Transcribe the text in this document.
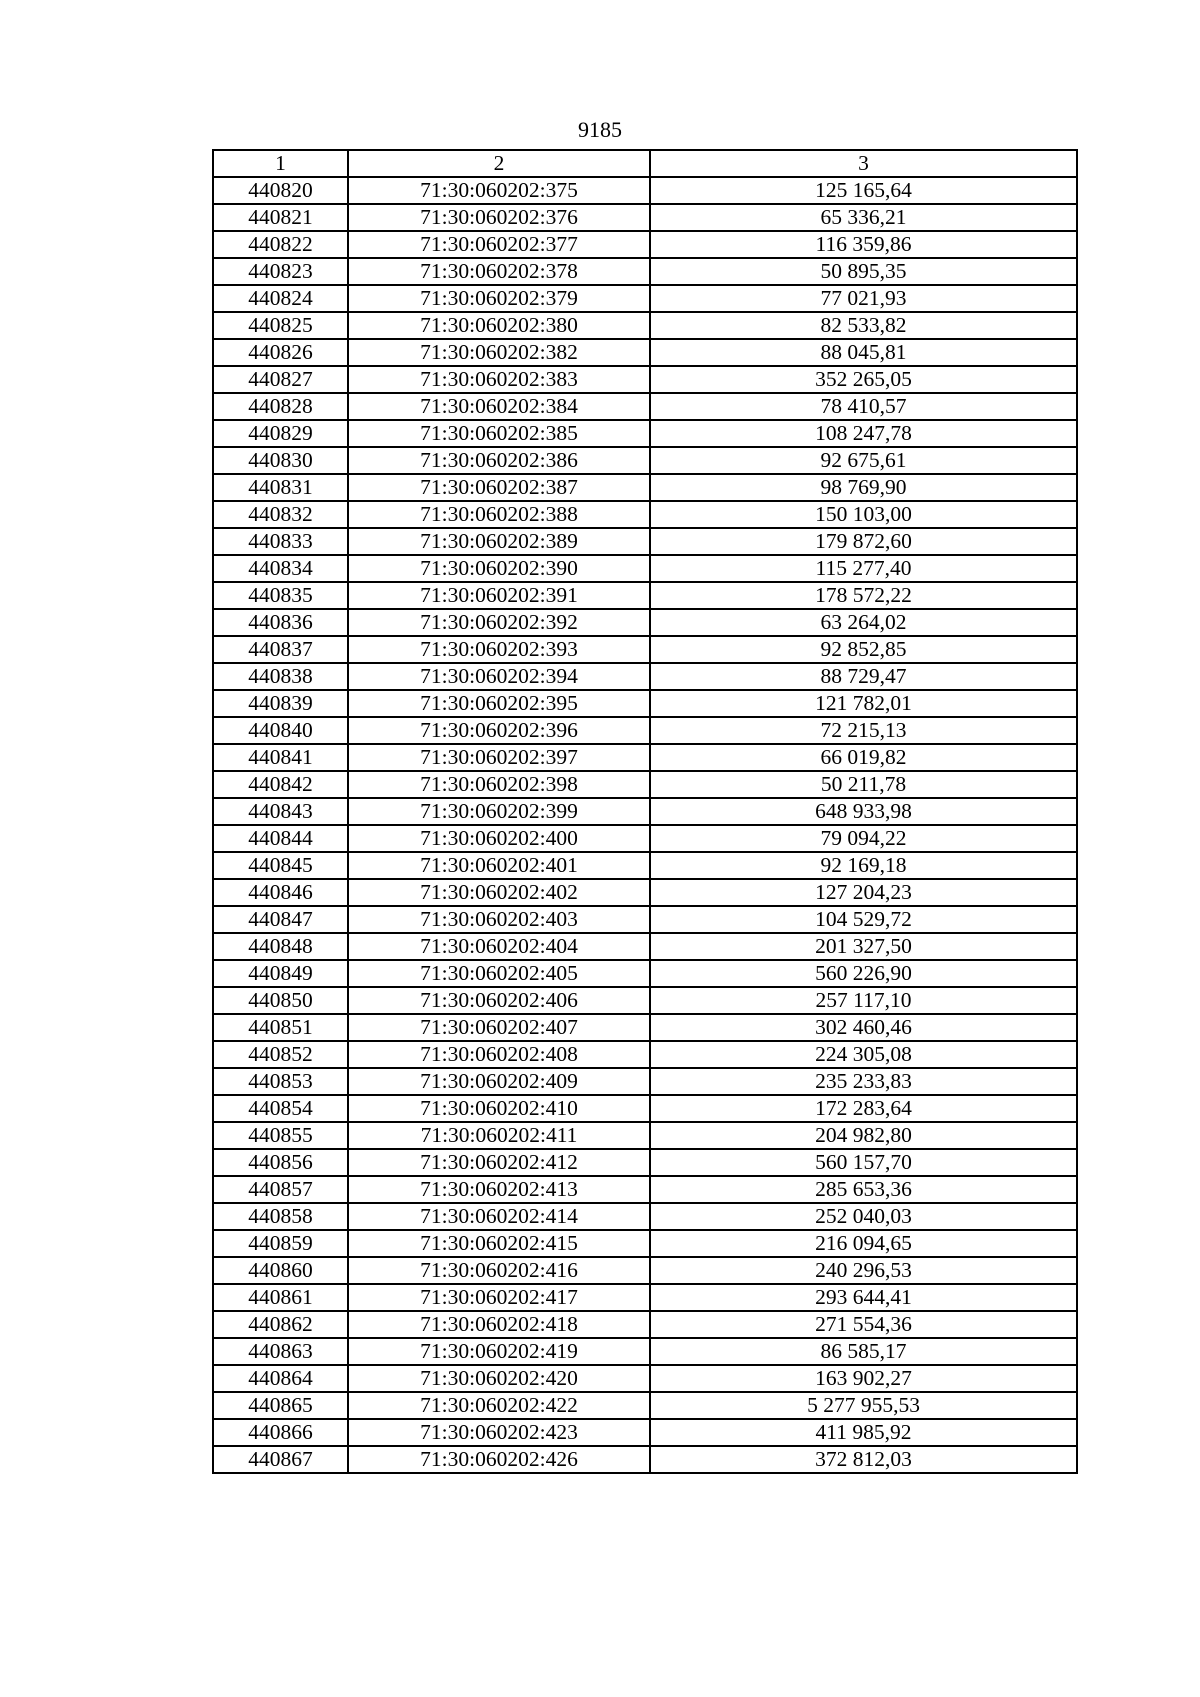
9185
1	2	3
440820	71:30:060202:375	125 165,64
440821	71:30:060202:376	65 336,21
440822	71:30:060202:377	116 359,86
440823	71:30:060202:378	50 895,35
440824	71:30:060202:379	77 021,93
440825	71:30:060202:380	82 533,82
440826	71:30:060202:382	88 045,81
440827	71:30:060202:383	352 265,05
440828	71:30:060202:384	78 410,57
440829	71:30:060202:385	108 247,78
440830	71:30:060202:386	92 675,61
440831	71:30:060202:387	98 769,90
440832	71:30:060202:388	150 103,00
440833	71:30:060202:389	179 872,60
440834	71:30:060202:390	115 277,40
440835	71:30:060202:391	178 572,22
440836	71:30:060202:392	63 264,02
440837	71:30:060202:393	92 852,85
440838	71:30:060202:394	88 729,47
440839	71:30:060202:395	121 782,01
440840	71:30:060202:396	72 215,13
440841	71:30:060202:397	66 019,82
440842	71:30:060202:398	50 211,78
440843	71:30:060202:399	648 933,98
440844	71:30:060202:400	79 094,22
440845	71:30:060202:401	92 169,18
440846	71:30:060202:402	127 204,23
440847	71:30:060202:403	104 529,72
440848	71:30:060202:404	201 327,50
440849	71:30:060202:405	560 226,90
440850	71:30:060202:406	257 117,10
440851	71:30:060202:407	302 460,46
440852	71:30:060202:408	224 305,08
440853	71:30:060202:409	235 233,83
440854	71:30:060202:410	172 283,64
440855	71:30:060202:411	204 982,80
440856	71:30:060202:412	560 157,70
440857	71:30:060202:413	285 653,36
440858	71:30:060202:414	252 040,03
440859	71:30:060202:415	216 094,65
440860	71:30:060202:416	240 296,53
440861	71:30:060202:417	293 644,41
440862	71:30:060202:418	271 554,36
440863	71:30:060202:419	86 585,17
440864	71:30:060202:420	163 902,27
440865	71:30:060202:422	5 277 955,53
440866	71:30:060202:423	411 985,92
440867	71:30:060202:426	372 812,03
